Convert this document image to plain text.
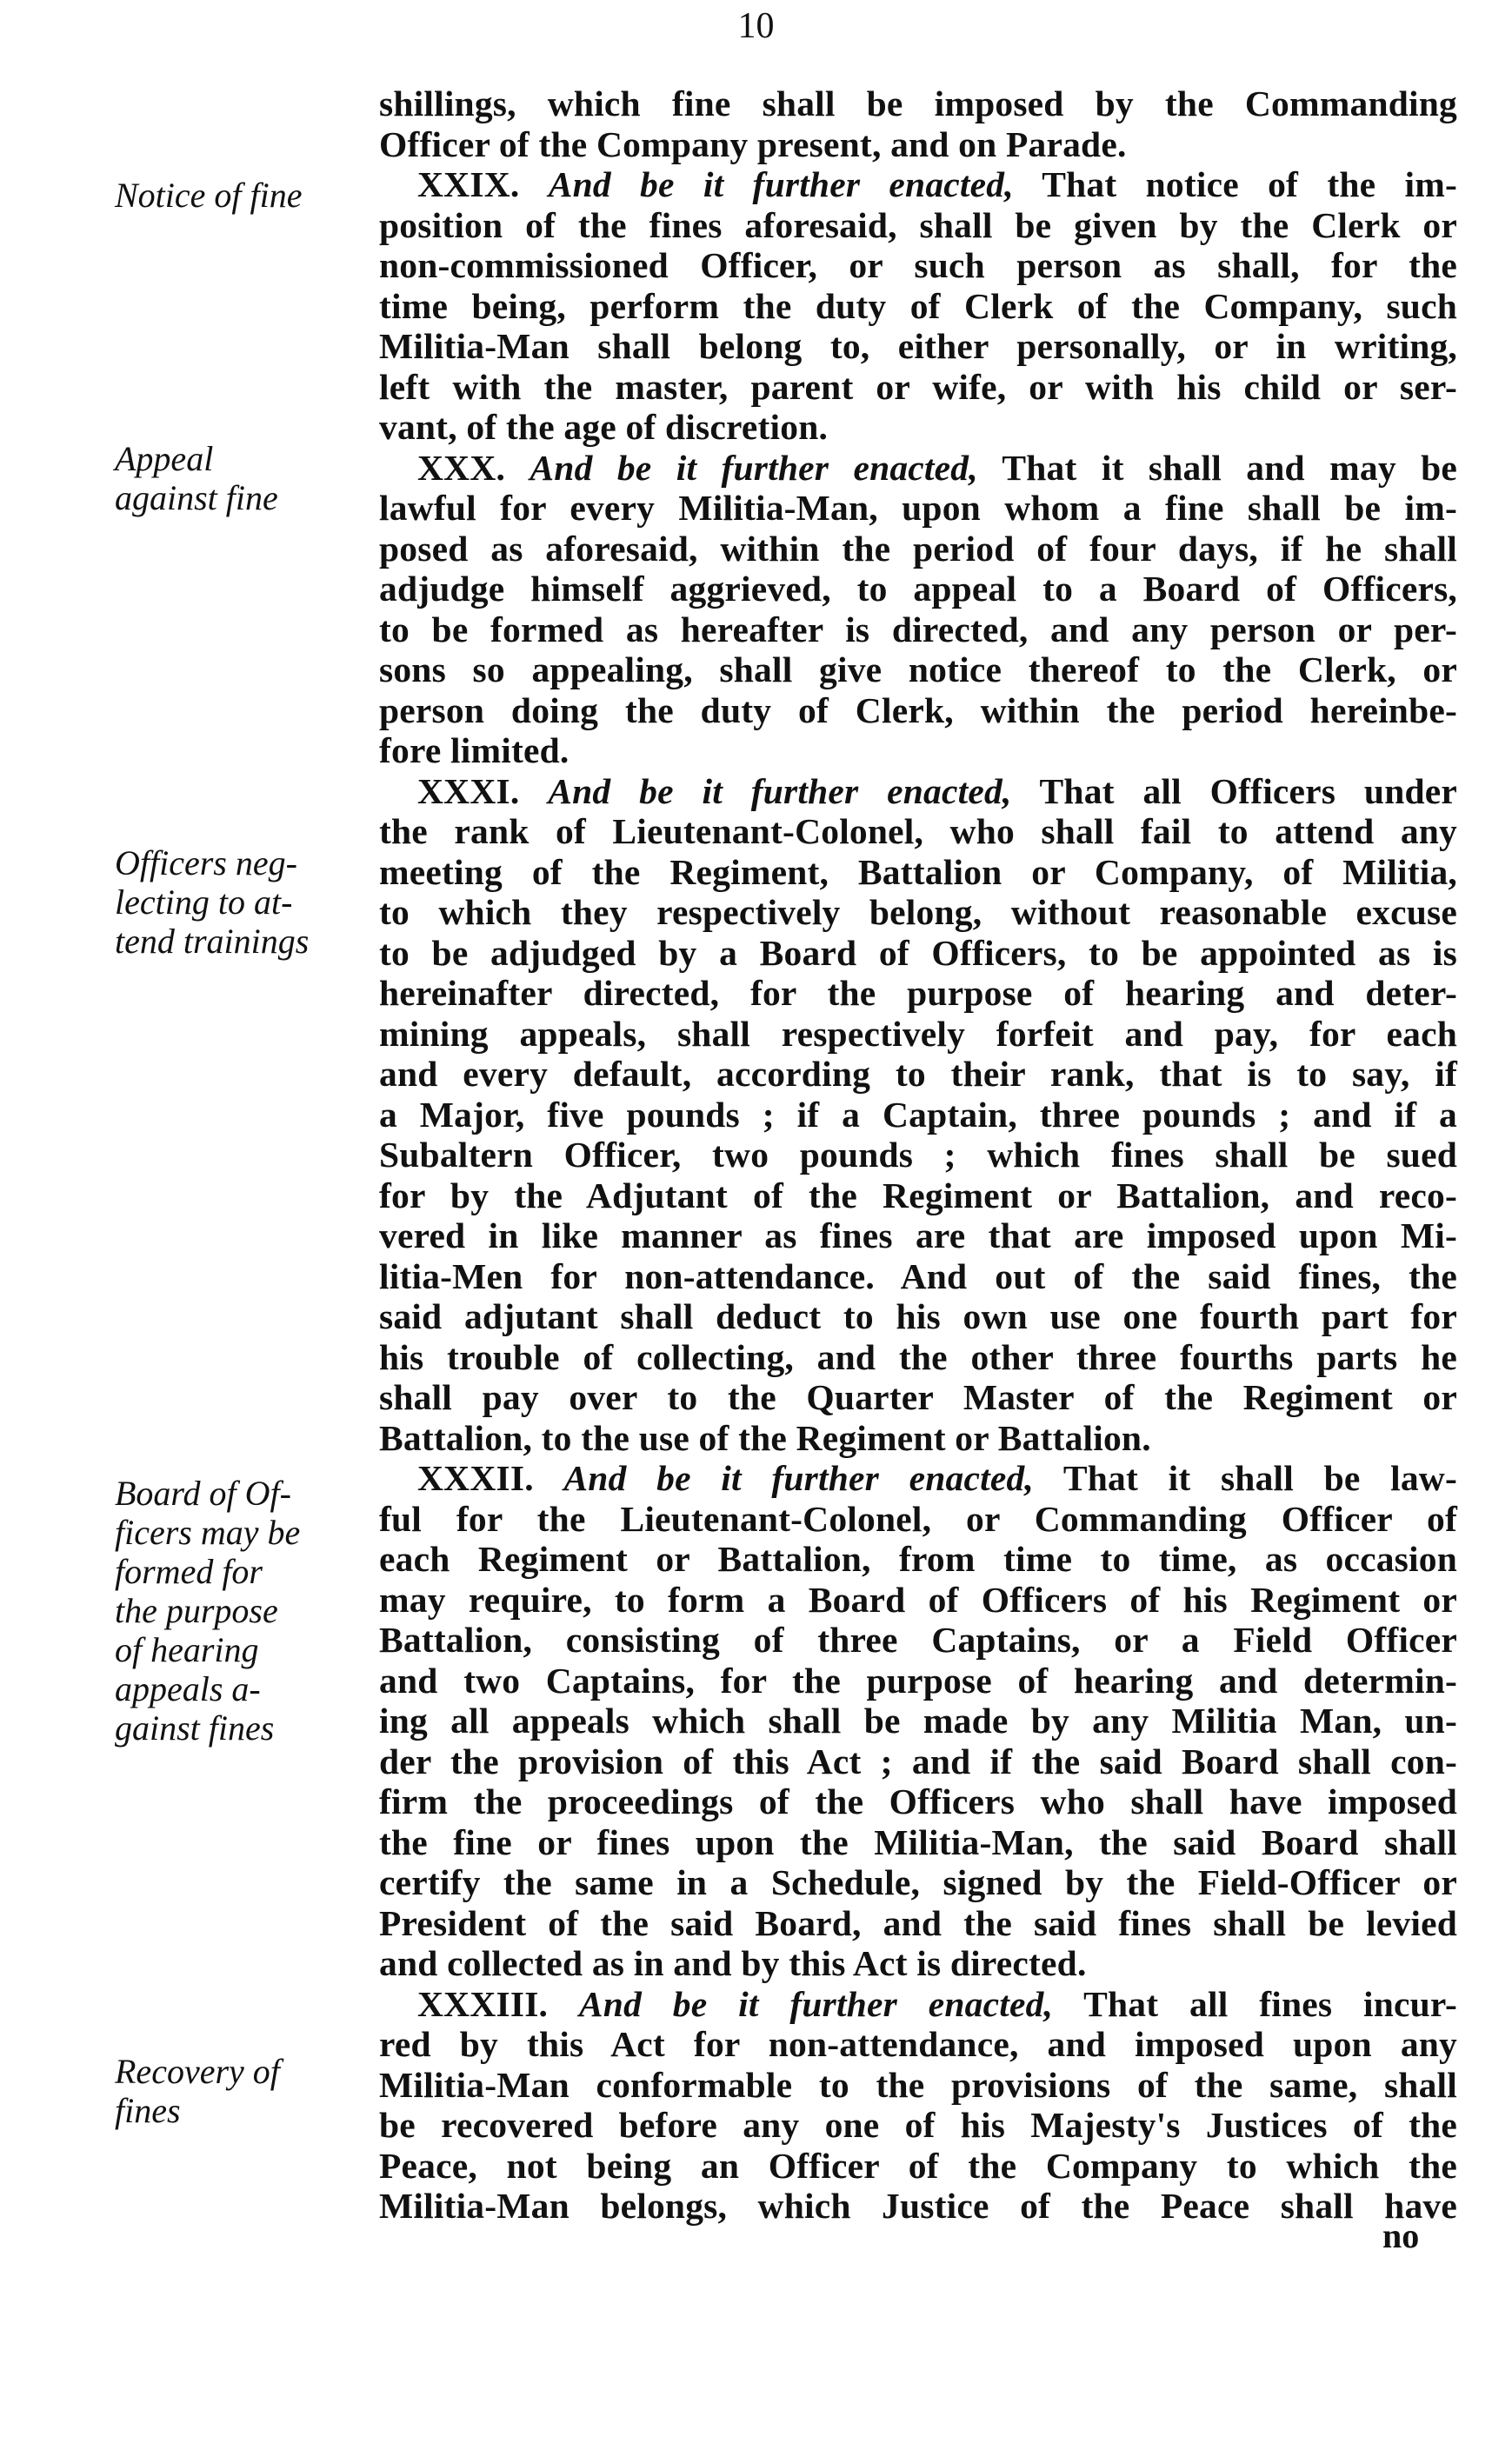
10
Notice of fine
Appeal
against fine
Officers neg-
lecting to at-
tend trainings
Board of Of-
ficers may be
formed for
the purpose
of hearing
appeals a-
gainst fines
Recovery of
fines
shillings, which fine shall be imposed by the Commanding
Officer of the Company present, and on Parade.
XXIX. And be it further enacted, That notice of the im-
position of the fines aforesaid, shall be given by the Clerk or
non-commissioned Officer, or such person as shall, for the
time being, perform the duty of Clerk of the Company, such
Militia-Man shall belong to, either personally, or in writing,
left with the master, parent or wife, or with his child or ser-
vant, of the age of discretion.
XXX. And be it further enacted, That it shall and may be
lawful for every Militia-Man, upon whom a fine shall be im-
posed as aforesaid, within the period of four days, if he shall
adjudge himself aggrieved, to appeal to a Board of Officers,
to be formed as hereafter is directed, and any person or per-
sons so appealing, shall give notice thereof to the Clerk, or
person doing the duty of Clerk, within the period hereinbe-
fore limited.
XXXI. And be it further enacted, That all Officers under
the rank of Lieutenant-Colonel, who shall fail to attend any
meeting of the Regiment, Battalion or Company, of Militia,
to which they respectively belong, without reasonable excuse
to be adjudged by a Board of Officers, to be appointed as is
hereinafter directed, for the purpose of hearing and deter-
mining appeals, shall respectively forfeit and pay, for each
and every default, according to their rank, that is to say, if
a Major, five pounds ; if a Captain, three pounds ; and if a
Subaltern Officer, two pounds ; which fines shall be sued
for by the Adjutant of the Regiment or Battalion, and reco-
vered in like manner as fines are that are imposed upon Mi-
litia-Men for non-attendance. And out of the said fines, the
said adjutant shall deduct to his own use one fourth part for
his trouble of collecting, and the other three fourths parts he
shall pay over to the Quarter Master of the Regiment or
Battalion, to the use of the Regiment or Battalion.
XXXII. And be it further enacted, That it shall be law-
ful for the Lieutenant-Colonel, or Commanding Officer of
each Regiment or Battalion, from time to time, as occasion
may require, to form a Board of Officers of his Regiment or
Battalion, consisting of three Captains, or a Field Officer
and two Captains, for the purpose of hearing and determin-
ing all appeals which shall be made by any Militia Man, un-
der the provision of this Act ; and if the said Board shall con-
firm the proceedings of the Officers who shall have imposed
the fine or fines upon the Militia-Man, the said Board shall
certify the same in a Schedule, signed by the Field-Officer or
President of the said Board, and the said fines shall be levied
and collected as in and by this Act is directed.
XXXIII. And be it further enacted, That all fines incur-
red by this Act for non-attendance, and imposed upon any
Militia-Man conformable to the provisions of the same, shall
be recovered before any one of his Majesty's Justices of the
Peace, not being an Officer of the Company to which the
Militia-Man belongs, which Justice of the Peace shall have
no
